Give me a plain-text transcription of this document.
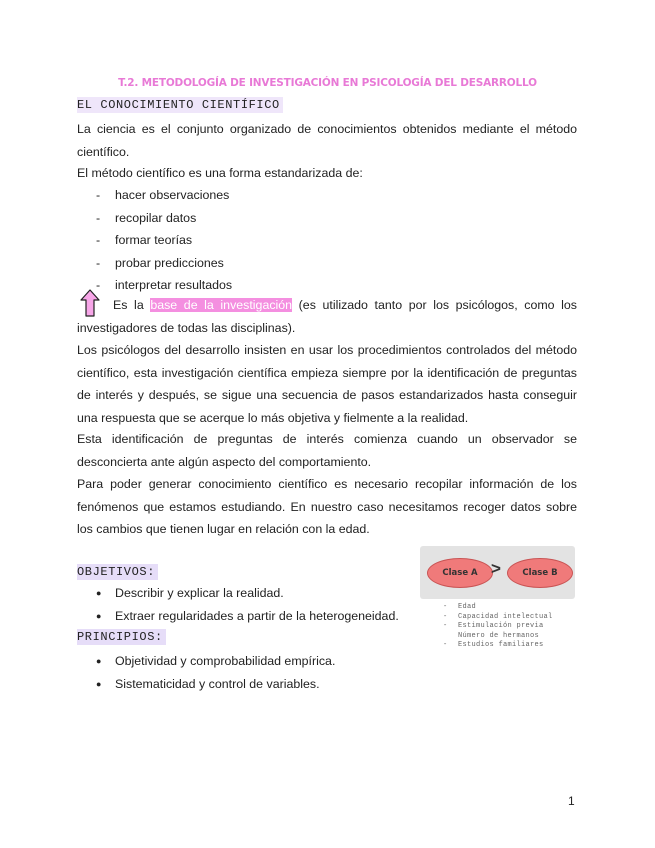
T.2. METODOLOGÍA DE INVESTIGACIÓN EN PSICOLOGÍA DEL DESARROLLO
EL CONOCIMIENTO CIENTÍFICO

La ciencia es el conjunto organizado de conocimientos obtenidos mediante el método científico.

El método científico es una forma estandarizada de:

- hacer observaciones
- recopilar datos
- formar teorías
- probar predicciones
- interpretar resultados

Es la base de la investigación (es utilizado tanto por los psicólogos, como los investigadores de todas las disciplinas).

Los psicólogos del desarrollo insisten en usar los procedimientos controlados del método científico, esta investigación científica empieza siempre por la identificación de preguntas de interés y después, se sigue una secuencia de pasos estandarizados hasta conseguir una respuesta que se acerque lo más objetiva y fielmente a la realidad.

Esta identificación de preguntas de interés comienza cuando un observador se desconcierta ante algún aspecto del comportamiento.

Para poder generar conocimiento científico es necesario recopilar información de los fenómenos que estamos estudiando. En nuestro caso necesitamos recoger datos sobre los cambios que tienen lugar en relación con la edad.

OBJETIVOS:
● Describir y explicar la realidad.
● Extraer regularidades a partir de la heterogeneidad.
PRINCIPIOS:
● Objetividad y comprobabilidad empírica.
● Sistematicidad y control de variables.
Clase A >	Clase B
- Edad
- Capacidad intelectual
- Estimulación previa
Número de hermanos
- Estudios familiares
1
